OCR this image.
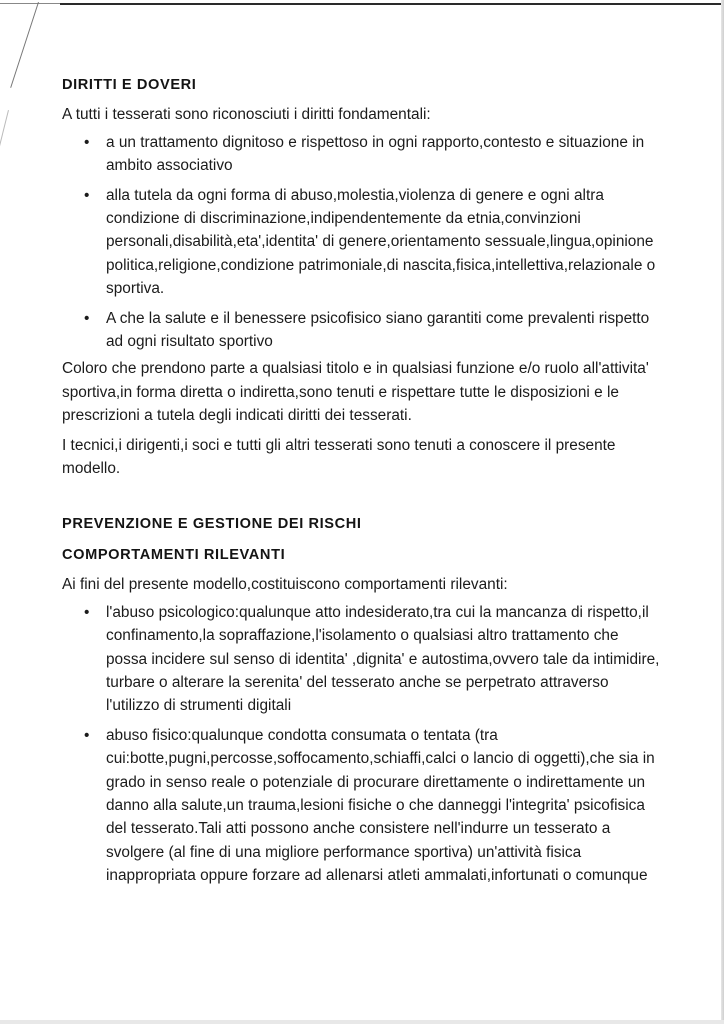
DIRITTI E DOVERI

A tutti i tesserati sono riconosciuti i diritti fondamentali:

• a un trattamento dignitoso e rispettoso in ogni rapporto,contesto e situazione in ambito associativo
• alla tutela da ogni forma di abuso,molestia,violenza di genere e ogni altra condizione di discriminazione,indipendentemente da etnia,convinzioni personali,disabilità,eta',identita' di genere,orientamento sessuale,lingua,opinione politica,religione,condizione patrimoniale,di nascita,fisica,intellettiva,relazionale o sportiva.
• A che la salute e il benessere psicofisico siano garantiti come prevalenti rispetto ad ogni risultato sportivo

Coloro che prendono parte a qualsiasi titolo e in qualsiasi funzione e/o ruolo all'attivita' sportiva,in forma diretta o indiretta,sono tenuti e rispettare tutte le disposizioni e le prescrizioni a tutela degli indicati diritti dei tesserati.

I tecnici,i dirigenti,i soci e tutti gli altri tesserati sono tenuti a conoscere il presente modello.

PREVENZIONE E GESTIONE DEI RISCHI

COMPORTAMENTI RILEVANTI

Ai fini del presente modello,costituiscono comportamenti rilevanti:

• l'abuso psicologico:qualunque atto indesiderato,tra cui la mancanza di rispetto,il confinamento,la sopraffazione,l'isolamento o qualsiasi altro trattamento che possa incidere sul senso di identita' ,dignita' e autostima,ovvero tale da intimidire, turbare o alterare la serenita' del tesserato anche se perpetrato attraverso l'utilizzo di strumenti digitali
• abuso fisico:qualunque condotta consumata o tentata (tra cui:botte,pugni,percosse,soffocamento,schiaffi,calci o lancio di oggetti),che sia in grado in senso reale o potenziale di procurare direttamente o indirettamente un danno alla salute,un trauma,lesioni fisiche o che danneggi l'integrita' psicofisica del tesserato.Tali atti possono anche consistere nell'indurre un tesserato a svolgere (al fine di una migliore performance sportiva) un'attività fisica inappropriata oppure forzare ad allenarsi atleti ammalati,infortunati o comunque
